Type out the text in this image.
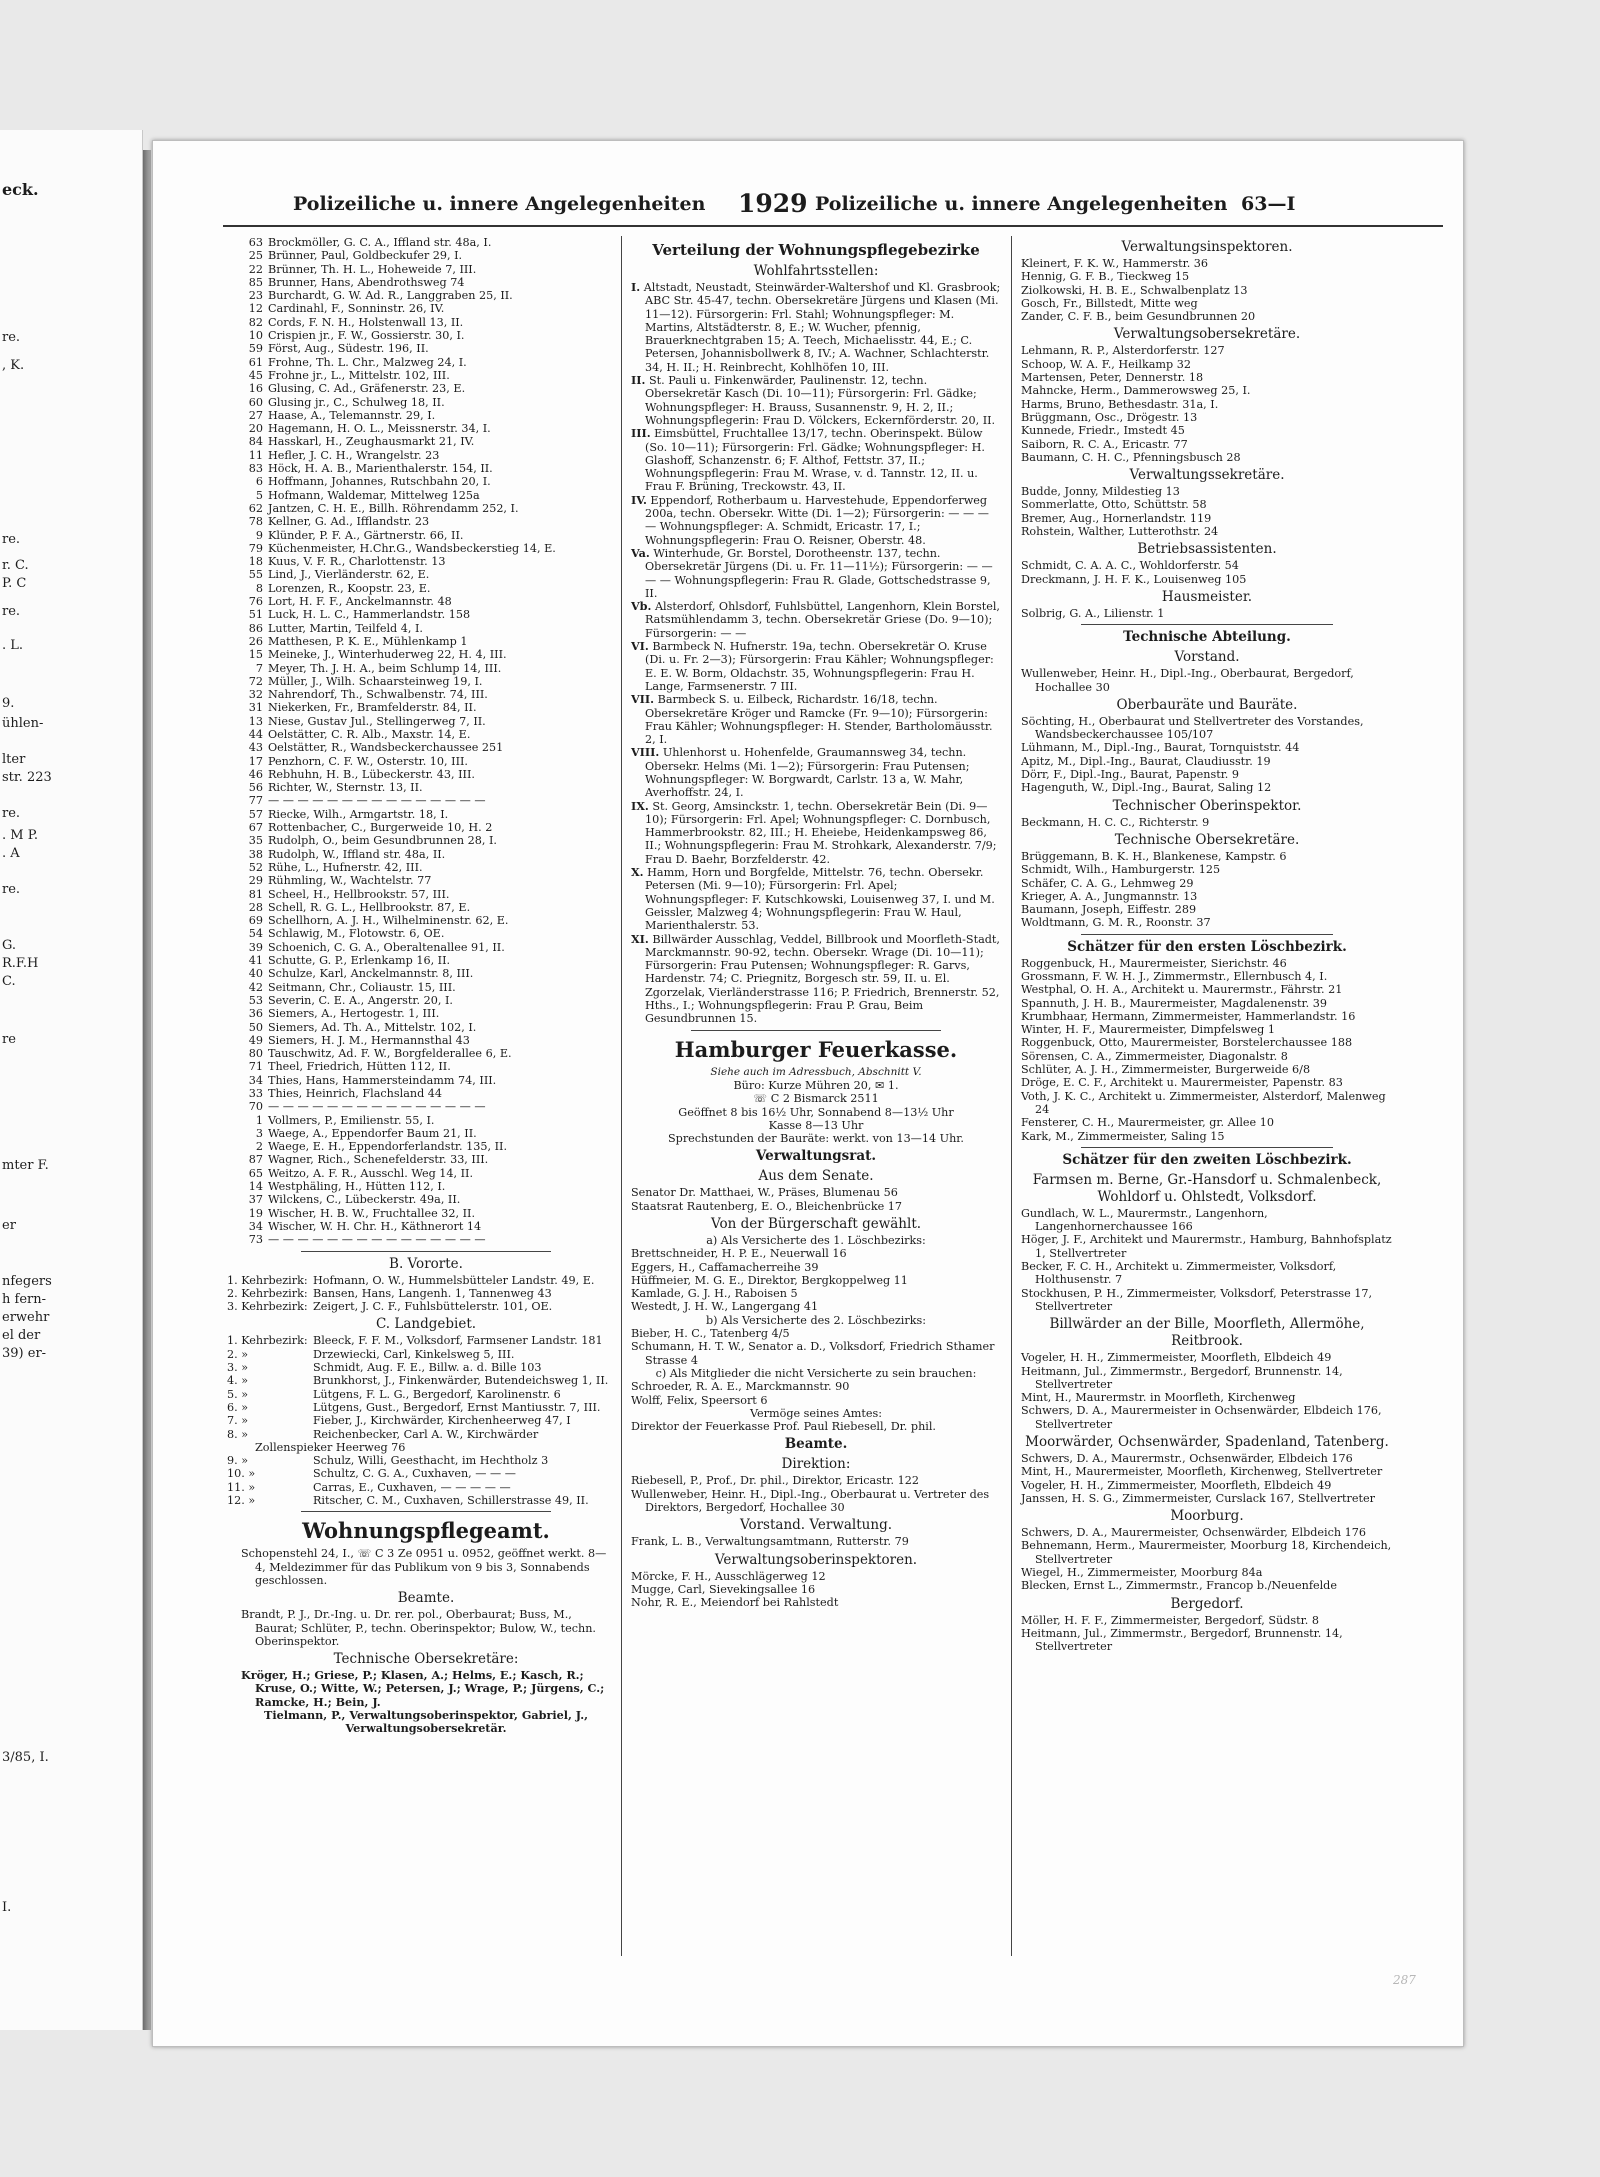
eck.
re.
, K.
re.
r. C.
P. C
re.
. L.
9.
ühlen-
lter
str. 223
re.
. M P.
. A
re.
G.
R.F.H
C.
re
mter F.
er
nfegers
h fern-
erwehr
el der
39) er-
3/85, I.
I.
Polizeiliche u. innere Angelegenheiten 1929 Polizeiliche u. innere Angelegenheiten 63—I
63 Brockmöller, G. C. A., Iffland str. 48a, I.
25 Brünner, Paul, Goldbeckufer 29, I.
22 Brünner, Th. H. L., Hoheweide 7, III.
85 Brunner, Hans, Abendrothsweg 74
23 Burchardt, G. W. Ad. R., Langgraben 25, II.
12 Cardinahl, F., Sonninstr. 26, IV.
82 Cords, F. N. H., Holstenwall 13, II.
10 Crispien jr., F. W., Gossierstr. 30, I.
59 Först, Aug., Südestr. 196, II.
61 Frohne, Th. L. Chr., Malzweg 24, I.
45 Frohne jr., L., Mittelstr. 102, III.
16 Glusing, C. Ad., Gräfenerstr. 23, E.
60 Glusing jr., C., Schulweg 18, II.
27 Haase, A., Telemannstr. 29, I.
20 Hagemann, H. O. L., Meissnerstr. 34, I.
84 Hasskarl, H., Zeughausmarkt 21, IV.
11 Hefler, J. C. H., Wrangelstr. 23
83 Höck, H. A. B., Marienthalerstr. 154, II.
6 Hoffmann, Johannes, Rutschbahn 20, I.
5 Hofmann, Waldemar, Mittelweg 125a
62 Jantzen, C. H. E., Billh. Röhrendamm 252, I.
78 Kellner, G. Ad., Ifflandstr. 23
9 Klünder, P. F. A., Gärtnerstr. 66, II.
79 Küchenmeister, H.Chr.G., Wandsbeckerstieg 14, E.
18 Kuus, V. F. R., Charlottenstr. 13
55 Lind, J., Vierländerstr. 62, E.
8 Lorenzen, R., Koopstr. 23, E.
76 Lort, H. F. F., Anckelmannstr. 48
51 Luck, H. L. C., Hammerlandstr. 158
86 Lutter, Martin, Teilfeld 4, I.
26 Matthesen, P. K. E., Mühlenkamp 1
15 Meineke, J., Winterhuderweg 22, H. 4, III.
7 Meyer, Th. J. H. A., beim Schlump 14, III.
72 Müller, J., Wilh. Schaarsteinweg 19, I.
32 Nahrendorf, Th., Schwalbenstr. 74, III.
31 Niekerken, Fr., Bramfelderstr. 84, II.
13 Niese, Gustav Jul., Stellingerweg 7, II.
44 Oelstätter, C. R. Alb., Maxstr. 14, E.
43 Oelstätter, R., Wandsbeckerchaussee 251
17 Penzhorn, C. F. W., Osterstr. 10, III.
46 Rebhuhn, H. B., Lübeckerstr. 43, III.
56 Richter, W., Sternstr. 13, II.
77 — — — — — — — — — — — — — — —
57 Riecke, Wilh., Armgartstr. 18, I.
67 Rottenbacher, C., Burgerweide 10, H. 2
35 Rudolph, O., beim Gesundbrunnen 28, I.
38 Rudolph, W., Iffland str. 48a, II.
52 Rühe, L., Hufnerstr. 42, III.
29 Rühmling, W., Wachtelstr. 77
81 Scheel, H., Hellbrookstr. 57, III.
28 Schell, R. G. L., Hellbrookstr. 87, E.
69 Schellhorn, A. J. H., Wilhelminenstr. 62, E.
54 Schlawig, M., Flotowstr. 6, OE.
39 Schoenich, C. G. A., Oberaltenallee 91, II.
41 Schutte, G. P., Erlenkamp 16, II.
40 Schulze, Karl, Anckelmannstr. 8, III.
42 Seitmann, Chr., Coliaustr. 15, III.
53 Severin, C. E. A., Angerstr. 20, I.
36 Siemers, A., Hertogestr. 1, III.
50 Siemers, Ad. Th. A., Mittelstr. 102, I.
49 Siemers, H. J. M., Hermannsthal 43
80 Tauschwitz, Ad. F. W., Borgfelderallee 6, E.
71 Theel, Friedrich, Hütten 112, II.
34 Thies, Hans, Hammersteindamm 74, III.
33 Thies, Heinrich, Flachsland 44
70 — — — — — — — — — — — — — — —
1 Vollmers, P., Emilienstr. 55, I.
3 Waege, A., Eppendorfer Baum 21, II.
2 Waege, E. H., Eppendorferlandstr. 135, II.
87 Wagner, Rich., Schenefelderstr. 33, III.
65 Weitzo, A. F. R., Ausschl. Weg 14, II.
14 Westphäling, H., Hütten 112, I.
37 Wilckens, C., Lübeckerstr. 49a, II.
19 Wischer, H. B. W., Fruchtallee 32, II.
34 Wischer, W. H. Chr. H., Käthnerort 14
73 — — — — — — — — — — — — — — —
B. Vororte.
1. Kehrbezirk: Hofmann, O. W., Hummelsbütteler Landstr. 49, E.
2. Kehrbezirk: Bansen, Hans, Langenh. 1, Tannenweg 43
3. Kehrbezirk: Zeigert, J. C. F., Fuhlsbüttelerstr. 101, OE.
C. Landgebiet.
1. Kehrbezirk: Bleeck, F. F. M., Volksdorf, Farmsener Landstr. 181
2. »	Drzewiecki, Carl, Kinkelsweg 5, III.
3. »	Schmidt, Aug. F. E., Billw. a. d. Bille 103
4. »	Brunkhorst, J., Finkenwärder, Butendeichsweg 1, II.
5. »	Lütgens, F. L. G., Bergedorf, Karolinenstr. 6
6. »	Lütgens, Gust., Bergedorf, Ernst Mantiusstr. 7, III.
7. »	Fieber, J., Kirchwärder, Kirchenheerweg 47, I
8. »	Reichenbecker, Carl A. W., Kirchwärder Zollenspieker Heerweg 76
9. »	Schulz, Willi, Geesthacht, im Hechtholz 3
10. »	Schultz, C. G. A., Cuxhaven, — — —
11. »	Carras, E., Cuxhaven, — — — — —
12. »	Ritscher, C. M., Cuxhaven, Schillerstrasse 49, II.
Wohnungspflegeamt.
Schopenstehl 24, I., ☏ C 3 Ze 0951 u. 0952, geöffnet werkt. 8—4, Meldezimmer für das Publikum von 9 bis 3, Sonnabends geschlossen.
Beamte.
Brandt, P. J., Dr.-Ing. u. Dr. rer. pol., Oberbaurat; Buss, M., Baurat; Schlüter, P., techn. Oberinspektor; Bulow, W., techn. Oberinspektor.
Technische Obersekretäre:
Kröger, H.; Griese, P.; Klasen, A.; Helms, E.; Kasch, R.; Kruse, O.; Witte, W.; Petersen, J.; Wrage, P.; Jürgens, C.; Ramcke, H.; Bein, J.
Tielmann, P., Verwaltungsoberinspektor, Gabriel, J., Verwaltungsobersekretär.
Verteilung der Wohnungspflegebezirke
Wohlfahrtsstellen:
I. Altstadt, Neustadt, Steinwärder-Waltershof und Kl. Grasbrook; ABC Str. 45-47, techn. Obersekretäre Jürgens und Klasen (Mi. 11—12). Fürsorgerin: Frl. Stahl; Wohnungspfleger: M. Martins, Altstädterstr. 8, E.; W. Wucher, pfennig, Brauerknechtgraben 15; A. Teech, Michaelisstr. 44, E.; C. Petersen, Johannisbollwerk 8, IV.; A. Wachner, Schlachterstr. 34, H. II.; H. Reinbrecht, Kohlhöfen 10, III.
II. St. Pauli u. Finkenwärder, Paulinenstr. 12, techn. Obersekretär Kasch (Di. 10—11); Fürsorgerin: Frl. Gädke; Wohnungspfleger: H. Brauss, Susannenstr. 9, H. 2, II.; Wohnungspflegerin: Frau D. Völckers, Eckernförderstr. 20, II.
III. Eimsbüttel, Fruchtallee 13/17, techn. Oberinspekt. Bülow (So. 10—11); Fürsorgerin: Frl. Gädke; Wohnungspfleger: H. Glashoff, Schanzenstr. 6; F. Althof, Fettstr. 37, II.; Wohnungspflegerin: Frau M. Wrase, v. d. Tannstr. 12, II. u. Frau F. Brüning, Treckowstr. 43, II.
IV. Eppendorf, Rotherbaum u. Harvestehude, Eppendorferweg 200a, techn. Obersekr. Witte (Di. 1—2); Fürsorgerin: — — — — Wohnungspfleger: A. Schmidt, Ericastr. 17, I.; Wohnungspflegerin: Frau O. Reisner, Oberstr. 48.
Va. Winterhude, Gr. Borstel, Dorotheenstr. 137, techn. Obersekretär Jürgens (Di. u. Fr. 11—11½); Fürsorgerin: — — — — Wohnungspflegerin: Frau R. Glade, Gottschedstrasse 9, II.
Vb. Alsterdorf, Ohlsdorf, Fuhlsbüttel, Langenhorn, Klein Borstel, Ratsmühlendamm 3, techn. Obersekretär Griese (Do. 9—10); Fürsorgerin: — —
VI. Barmbeck N. Hufnerstr. 19a, techn. Obersekretär O. Kruse (Di. u. Fr. 2—3); Fürsorgerin: Frau Kähler; Wohnungspfleger: E. E. W. Borm, Oldachstr. 35, Wohnungspflegerin: Frau H. Lange, Farmsenerstr. 7 III.
VII. Barmbeck S. u. Eilbeck, Richardstr. 16/18, techn. Obersekretäre Kröger und Ramcke (Fr. 9—10); Fürsorgerin: Frau Kähler; Wohnungspfleger: H. Stender, Bartholomäusstr. 2, I.
VIII. Uhlenhorst u. Hohenfelde, Graumannsweg 34, techn. Obersekr. Helms (Mi. 1—2); Fürsorgerin: Frau Putensen; Wohnungspfleger: W. Borgwardt, Carlstr. 13 a, W. Mahr, Averhoffstr. 24, I.
IX. St. Georg, Amsinckstr. 1, techn. Obersekretär Bein (Di. 9—10); Fürsorgerin: Frl. Apel; Wohnungspfleger: C. Dornbusch, Hammerbrookstr. 82, III.; H. Eheiebe, Heidenkampsweg 86, II.; Wohnungspflegerin: Frau M. Strohkark, Alexanderstr. 7/9; Frau D. Baehr, Borzfelderstr. 42.
X. Hamm, Horn und Borgfelde, Mittelstr. 76, techn. Obersekr. Petersen (Mi. 9—10); Fürsorgerin: Frl. Apel; Wohnungspfleger: F. Kutschkowski, Louisenweg 37, I. und M. Geissler, Malzweg 4; Wohnungspflegerin: Frau W. Haul, Marienthalerstr. 53.
XI. Billwärder Ausschlag, Veddel, Billbrook und Moorfleth-Stadt, Marckmannstr. 90-92, techn. Obersekr. Wrage (Di. 10—11); Fürsorgerin: Frau Putensen; Wohnungspfleger: R. Garvs, Hardenstr. 74; C. Priegnitz, Borgesch str. 59, II. u. El. Zgorzelak, Vierländerstrasse 116; P. Friedrich, Brennerstr. 52, Hths., I.; Wohnungspflegerin: Frau P. Grau, Beim Gesundbrunnen 15.
Hamburger Feuerkasse.
Siehe auch im Adressbuch, Abschnitt V.
Büro: Kurze Mühren 20, ✉ 1.
☏ C 2 Bismarck 2511
Geöffnet 8 bis 16½ Uhr, Sonnabend 8—13½ Uhr
Kasse 8—13 Uhr
Sprechstunden der Bauräte: werkt. von 13—14 Uhr.
Verwaltungsrat.
Aus dem Senate.
Senator Dr. Matthaei, W., Präses, Blumenau 56
Staatsrat Rautenberg, E. O., Bleichenbrücke 17
Von der Bürgerschaft gewählt.
a) Als Versicherte des 1. Löschbezirks:
Brettschneider, H. P. E., Neuerwall 16
Eggers, H., Caffamacherreihe 39
Hüffmeier, M. G. E., Direktor, Bergkoppelweg 11
Kamlade, G. J. H., Raboisen 5
Westedt, J. H. W., Langergang 41
b) Als Versicherte des 2. Löschbezirks:
Bieber, H. C., Tatenberg 4/5
Schumann, H. T. W., Senator a. D., Volksdorf, Friedrich Sthamer Strasse 4
c) Als Mitglieder die nicht Versicherte zu sein brauchen:
Schroeder, R. A. E., Marckmannstr. 90
Wolff, Felix, Speersort 6
Vermöge seines Amtes:
Direktor der Feuerkasse Prof. Paul Riebesell, Dr. phil.
Beamte.
Direktion:
Riebesell, P., Prof., Dr. phil., Direktor, Ericastr. 122
Wullenweber, Heinr. H., Dipl.-Ing., Oberbaurat u. Vertreter des Direktors, Bergedorf, Hochallee 30
Vorstand. Verwaltung.
Frank, L. B., Verwaltungsamtmann, Rutterstr. 79
Verwaltungsoberinspektoren.
Mörcke, F. H., Ausschlägerweg 12
Mugge, Carl, Sievekingsallee 16
Nohr, R. E., Meiendorf bei Rahlstedt
Verwaltungsinspektoren.
Kleinert, F. K. W., Hammerstr. 36
Hennig, G. F. B., Tieckweg 15
Ziolkowski, H. B. E., Schwalbenplatz 13
Gosch, Fr., Billstedt, Mitte weg
Zander, C. F. B., beim Gesundbrunnen 20
Verwaltungsobersekretäre.
Lehmann, R. P., Alsterdorferstr. 127
Schoop, W. A. F., Heilkamp 32
Martensen, Peter, Dennerstr. 18
Mahncke, Herm., Dammerowsweg 25, I.
Harms, Bruno, Bethesdastr. 31a, I.
Brüggmann, Osc., Drögestr. 13
Kunnede, Friedr., Imstedt 45
Saiborn, R. C. A., Ericastr. 77
Baumann, C. H. C., Pfenningsbusch 28
Verwaltungssekretäre.
Budde, Jonny, Mildestieg 13
Sommerlatte, Otto, Schüttstr. 58
Bremer, Aug., Hornerlandstr. 119
Rohstein, Walther, Lutterothstr. 24
Betriebsassistenten.
Schmidt, C. A. A. C., Wohldorferstr. 54
Dreckmann, J. H. F. K., Louisenweg 105
Hausmeister.
Solbrig, G. A., Lilienstr. 1
Technische Abteilung.
Vorstand.
Wullenweber, Heinr. H., Dipl.-Ing., Oberbaurat, Bergedorf, Hochallee 30
Oberbauräte und Bauräte.
Söchting, H., Oberbaurat und Stellvertreter des Vorstandes, Wandsbeckerchaussee 105/107
Lühmann, M., Dipl.-Ing., Baurat, Tornquiststr. 44
Apitz, M., Dipl.-Ing., Baurat, Claudiusstr. 19
Dörr, F., Dipl.-Ing., Baurat, Papenstr. 9
Hagenguth, W., Dipl.-Ing., Baurat, Saling 12
Technischer Oberinspektor.
Beckmann, H. C. C., Richterstr. 9
Technische Obersekretäre.
Brüggemann, B. K. H., Blankenese, Kampstr. 6
Schmidt, Wilh., Hamburgerstr. 125
Schäfer, C. A. G., Lehmweg 29
Krieger, A. A., Jungmannstr. 13
Baumann, Joseph, Eiffestr. 289
Woldtmann, G. M. R., Roonstr. 37
Schätzer für den ersten Löschbezirk.
Roggenbuck, H., Maurermeister, Sierichstr. 46
Grossmann, F. W. H. J., Zimmermstr., Ellernbusch 4, I.
Westphal, O. H. A., Architekt u. Maurermstr., Fährstr. 21
Spannuth, J. H. B., Maurermeister, Magdalenenstr. 39
Krumbhaar, Hermann, Zimmermeister, Hammerlandstr. 16
Winter, H. F., Maurermeister, Dimpfelsweg 1
Roggenbuck, Otto, Maurermeister, Borstelerchaussee 188
Sörensen, C. A., Zimmermeister, Diagonalstr. 8
Schlüter, A. J. H., Zimmermeister, Burgerweide 6/8
Dröge, E. C. F., Architekt u. Maurermeister, Papenstr. 83
Voth, J. K. C., Architekt u. Zimmermeister, Alsterdorf, Malenweg 24
Fensterer, C. H., Maurermeister, gr. Allee 10
Kark, M., Zimmermeister, Saling 15
Schätzer für den zweiten Löschbezirk.
Farmsen m. Berne, Gr.-Hansdorf u. Schmalenbeck, Wohldorf u. Ohlstedt, Volksdorf.
Gundlach, W. L., Maurermstr., Langenhorn, Langenhornerchaussee 166
Höger, J. F., Architekt und Maurermstr., Hamburg, Bahnhofsplatz 1, Stellvertreter
Becker, F. C. H., Architekt u. Zimmermeister, Volksdorf, Holthusenstr. 7
Stockhusen, P. H., Zimmermeister, Volksdorf, Peterstrasse 17, Stellvertreter
Billwärder an der Bille, Moorfleth, Allermöhe, Reitbrook.
Vogeler, H. H., Zimmermeister, Moorfleth, Elbdeich 49
Heitmann, Jul., Zimmermstr., Bergedorf, Brunnenstr. 14, Stellvertreter
Mint, H., Maurermstr. in Moorfleth, Kirchenweg
Schwers, D. A., Maurermeister in Ochsenwärder, Elbdeich 176, Stellvertreter
Moorwärder, Ochsenwärder, Spadenland, Tatenberg.
Schwers, D. A., Maurermstr., Ochsenwärder, Elbdeich 176
Mint, H., Maurermeister, Moorfleth, Kirchenweg, Stellvertreter
Vogeler, H. H., Zimmermeister, Moorfleth, Elbdeich 49
Janssen, H. S. G., Zimmermeister, Curslack 167, Stellvertreter
Moorburg.
Schwers, D. A., Maurermeister, Ochsenwärder, Elbdeich 176
Behnemann, Herm., Maurermeister, Moorburg 18, Kirchendeich, Stellvertreter
Wiegel, H., Zimmermeister, Moorburg 84a
Blecken, Ernst L., Zimmermstr., Francop b./Neuenfelde
Bergedorf.
Möller, H. F. F., Zimmermeister, Bergedorf, Südstr. 8
Heitmann, Jul., Zimmermstr., Bergedorf, Brunnenstr. 14, Stellvertreter
287
